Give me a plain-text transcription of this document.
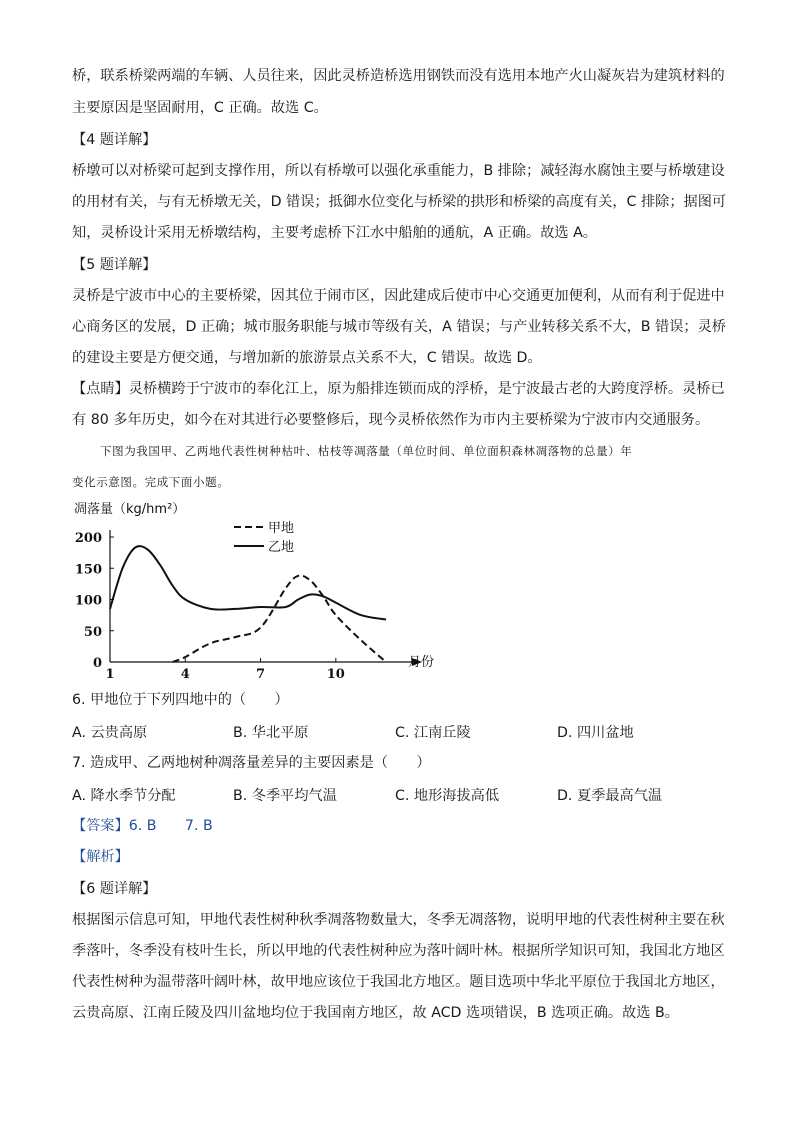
桥，联系桥梁两端的车辆、人员往来，因此灵桥造桥选用钢铁而没有选用本地产火山凝灰岩为建筑材料的
主要原因是坚固耐用，C 正确。故选 C。
【4 题详解】
桥墩可以对桥梁可起到支撑作用，所以有桥墩可以强化承重能力，B 排除；减轻海水腐蚀主要与桥墩建设
的用材有关，与有无桥墩无关，D 错误；抵御水位变化与桥梁的拱形和桥梁的高度有关，C 排除；据图可
知，灵桥设计采用无桥墩结构，主要考虑桥下江水中船舶的通航，A 正确。故选 A。
【5 题详解】
灵桥是宁波市中心的主要桥梁，因其位于闹市区，因此建成后使市中心交通更加便利，从而有利于促进中
心商务区的发展，D 正确；城市服务职能与城市等级有关，A 错误；与产业转移关系不大，B 错误；灵桥
的建设主要是方便交通，与增加新的旅游景点关系不大，C 错误。故选 D。
【点睛】灵桥横跨于宁波市的奉化江上，原为船排连锁而成的浮桥，是宁波最古老的大跨度浮桥。灵桥已
有 80 多年历史，如今在对其进行必要整修后，现今灵桥依然作为市内主要桥梁为宁波市内交通服务。
下图为我国甲、乙两地代表性树种枯叶、枯枝等凋落量（单位时间、单位面积森林凋落物的总量）年
变化示意图。完成下面小题。
凋落量（kg/hm²）
月份
0
50
100
150
200
1	4	7	10
甲地
乙地
6. 甲地位于下列四地中的（　　）
A. 云贵高原	B. 华北平原	C. 江南丘陵	D. 四川盆地
7. 造成甲、乙两地树种凋落量差异的主要因素是（　　）
A. 降水季节分配	B. 冬季平均气温	C. 地形海拔高低	D. 夏季最高气温
【答案】6. B　　7. B
【解析】
【6 题详解】
根据图示信息可知，甲地代表性树种秋季凋落物数量大，冬季无凋落物，说明甲地的代表性树种主要在秋
季落叶，冬季没有枝叶生长，所以甲地的代表性树种应为落叶阔叶林。根据所学知识可知，我国北方地区
代表性树种为温带落叶阔叶林，故甲地应该位于我国北方地区。题目选项中华北平原位于我国北方地区，
云贵高原、江南丘陵及四川盆地均位于我国南方地区，故 ACD 选项错误，B 选项正确。故选 B。
